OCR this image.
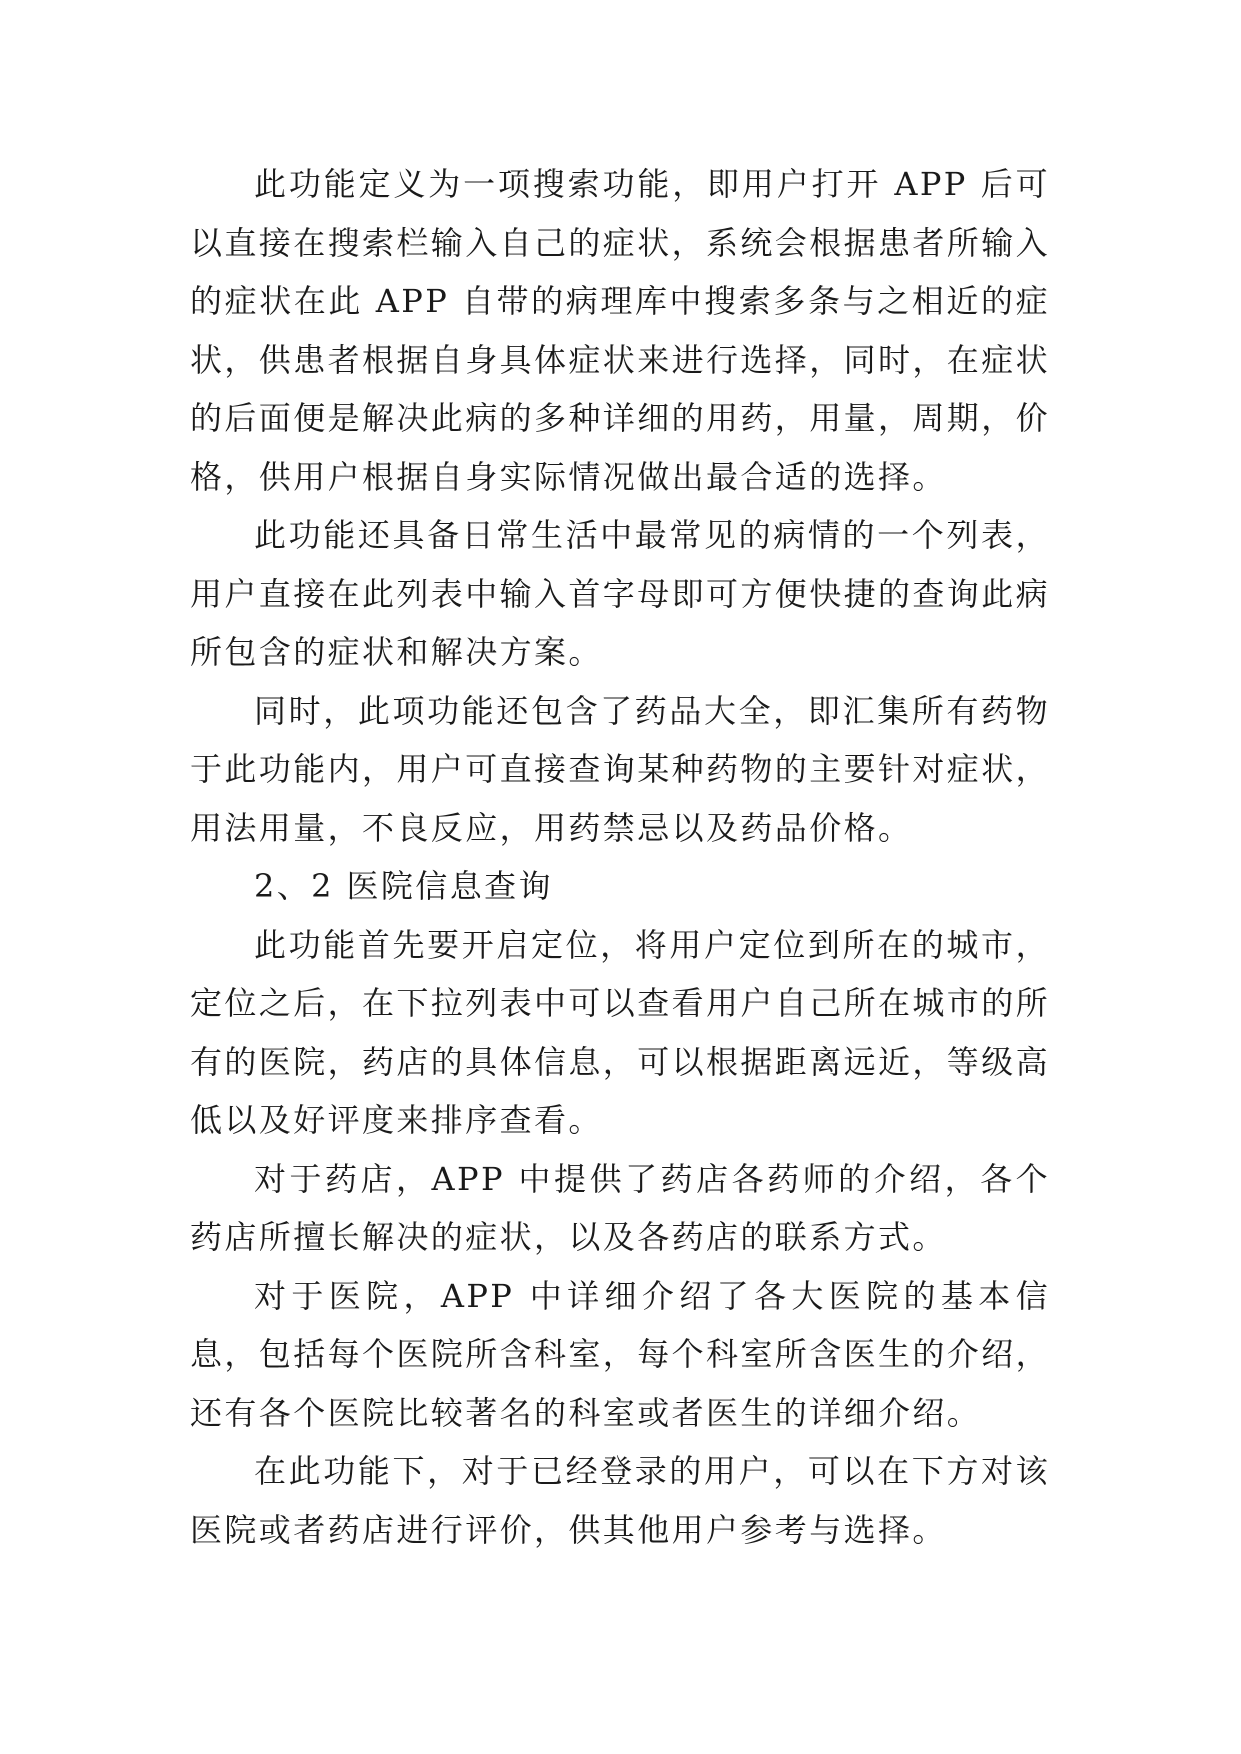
此功能定义为一项搜索功能，即用户打开 APP 后可以直接在搜索栏输入自己的症状，系统会根据患者所输入的症状在此 APP 自带的病理库中搜索多条与之相近的症状，供患者根据自身具体症状来进行选择，同时，在症状的后面便是解决此病的多种详细的用药，用量，周期，价格，供用户根据自身实际情况做出最合适的选择。

此功能还具备日常生活中最常见的病情的一个列表，用户直接在此列表中输入首字母即可方便快捷的查询此病所包含的症状和解决方案。

同时，此项功能还包含了药品大全，即汇集所有药物于此功能内，用户可直接查询某种药物的主要针对症状，用法用量，不良反应，用药禁忌以及药品价格。

2、2 医院信息查询

此功能首先要开启定位，将用户定位到所在的城市，定位之后，在下拉列表中可以查看用户自己所在城市的所有的医院，药店的具体信息，可以根据距离远近，等级高低以及好评度来排序查看。

对于药店，APP 中提供了药店各药师的介绍，各个药店所擅长解决的症状，以及各药店的联系方式。

对于医院，APP 中详细介绍了各大医院的基本信息，包括每个医院所含科室，每个科室所含医生的介绍，还有各个医院比较著名的科室或者医生的详细介绍。

在此功能下，对于已经登录的用户，可以在下方对该医院或者药店进行评价，供其他用户参考与选择。
